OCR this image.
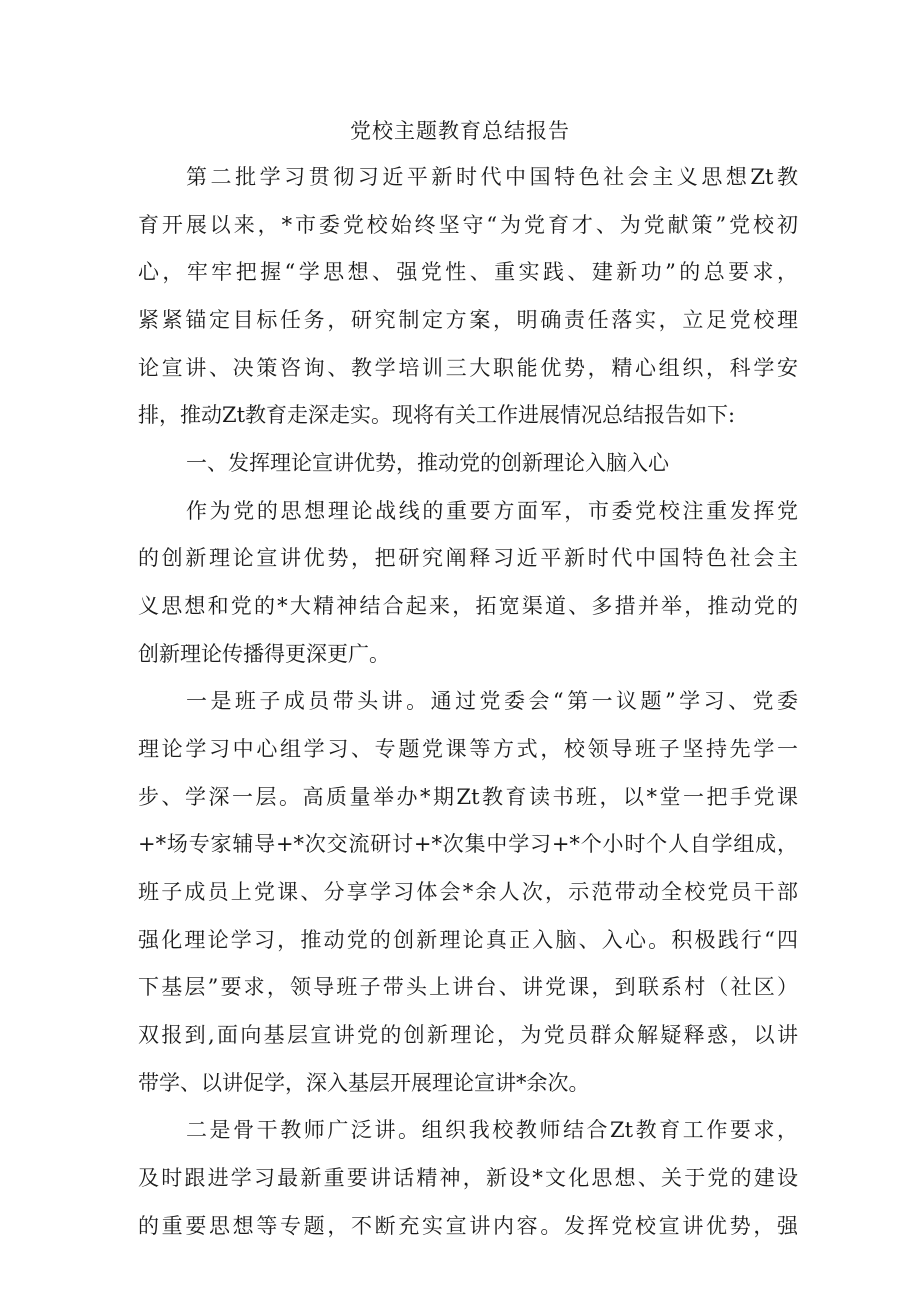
党校主题教育总结报告
第二批学习贯彻习近平新时代中国特色社会主义思想Zt教
育开展以来，*市委党校始终坚守“为党育才、为党献策”党校初
心，牢牢把握“学思想、强党性、重实践、建新功”的总要求，
紧紧锚定目标任务，研究制定方案，明确责任落实，立足党校理
论宣讲、决策咨询、教学培训三大职能优势，精心组织，科学安
排，推动Zt教育走深走实。现将有关工作进展情况总结报告如下:
一、发挥理论宣讲优势，推动党的创新理论入脑入心
作为党的思想理论战线的重要方面军，市委党校注重发挥党
的创新理论宣讲优势，把研究阐释习近平新时代中国特色社会主
义思想和党的*大精神结合起来，拓宽渠道、多措并举，推动党的
创新理论传播得更深更广。
一是班子成员带头讲。通过党委会“第一议题”学习、党委
理论学习中心组学习、专题党课等方式，校领导班子坚持先学一
步、学深一层。高质量举办*期Zt教育读书班，以*堂一把手党课
+*场专家辅导+*次交流研讨+*次集中学习+*个小时个人自学组成，
班子成员上党课、分享学习体会*余人次，示范带动全校党员干部
强化理论学习，推动党的创新理论真正入脑、入心。积极践行“四
下基层”要求，领导班子带头上讲台、讲党课，到联系村（社区）
双报到,面向基层宣讲党的创新理论，为党员群众解疑释惑，以讲
带学、以讲促学，深入基层开展理论宣讲*余次。
二是骨干教师广泛讲。组织我校教师结合Zt教育工作要求，
及时跟进学习最新重要讲话精神，新设*文化思想、关于党的建设
的重要思想等专题，不断充实宣讲内容。发挥党校宣讲优势，强
